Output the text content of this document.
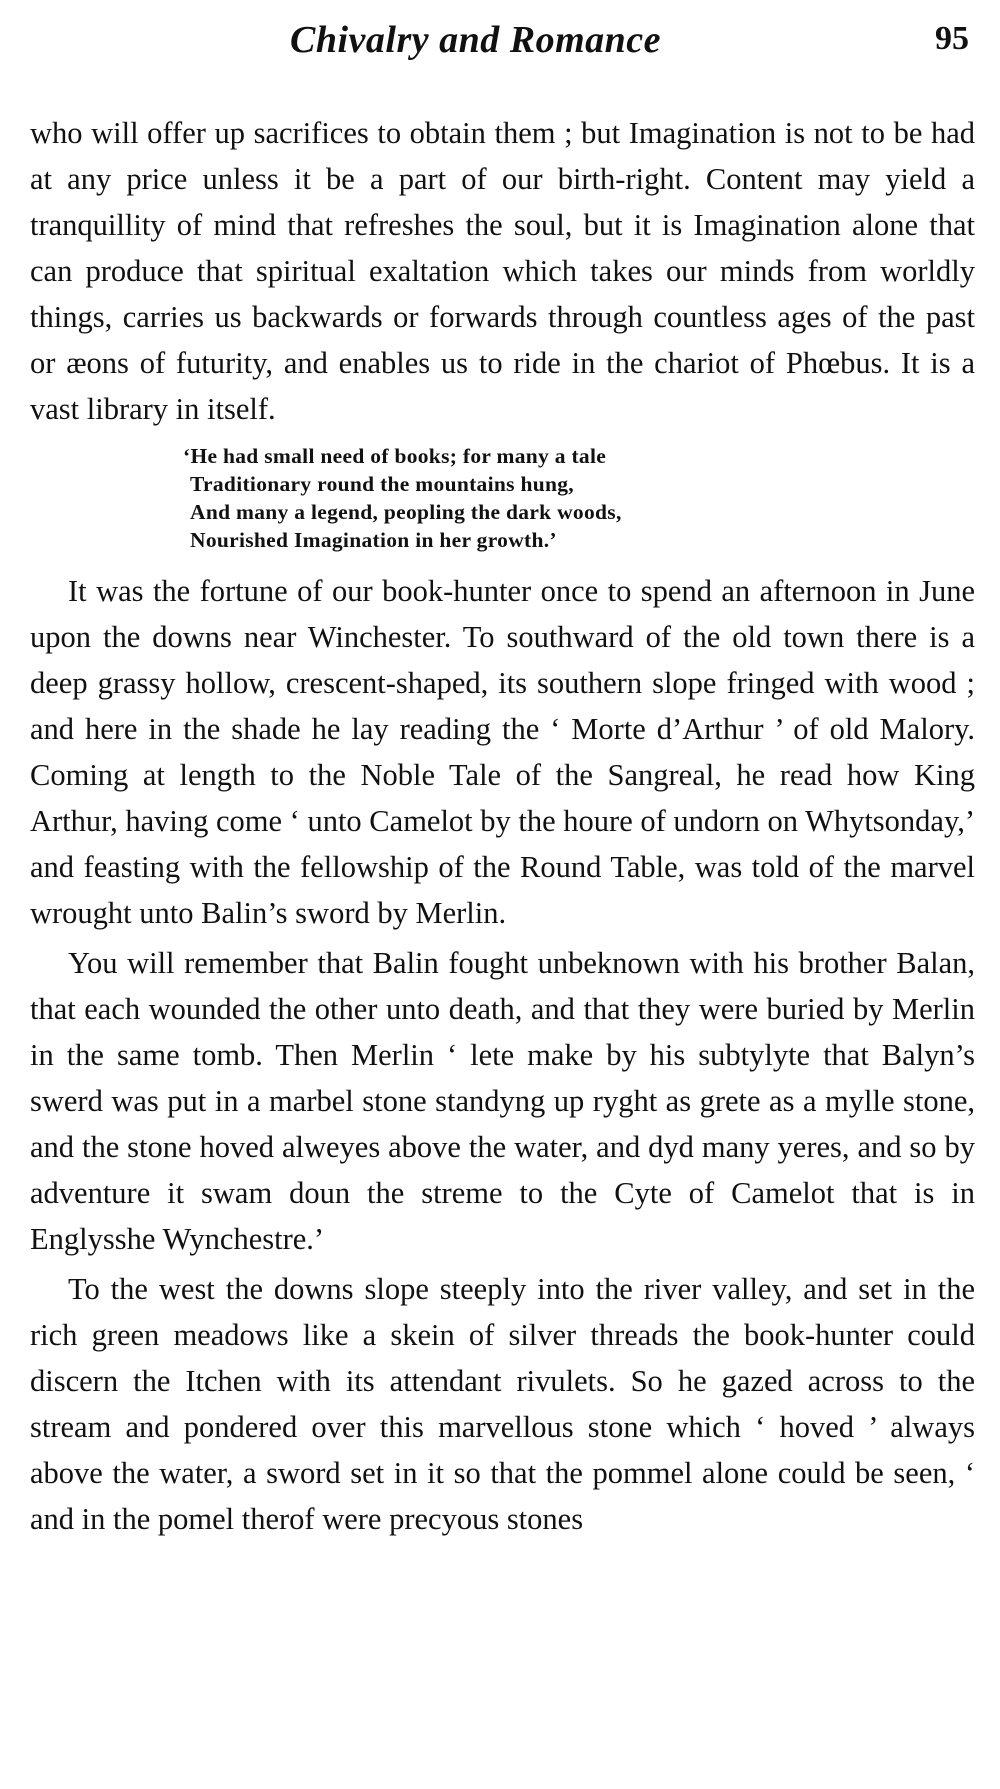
Chivalry and Romance	95

who will offer up sacrifices to obtain them ; but Imagination is not to be had at any price unless it be a part of our birth-right. Content may yield a tranquillity of mind that refreshes the soul, but it is Imagination alone that can produce that spiritual exaltation which takes our minds from worldly things, carries us backwards or forwards through countless ages of the past or æons of futurity, and enables us to ride in the chariot of Phœbus. It is a vast library in itself.

‘He had small need of books; for many a tale
Traditionary round the mountains hung,
And many a legend, peopling the dark woods,
Nourished Imagination in her growth.’

It was the fortune of our book-hunter once to spend an afternoon in June upon the downs near Winchester. To southward of the old town there is a deep grassy hollow, crescent-shaped, its southern slope fringed with wood ; and here in the shade he lay reading the ‘ Morte d’Arthur ’ of old Malory. Coming at length to the Noble Tale of the Sangreal, he read how King Arthur, having come ‘ unto Camelot by the houre of undorn on Whytsonday,’ and feasting with the fellowship of the Round Table, was told of the marvel wrought unto Balin’s sword by Merlin.

You will remember that Balin fought unbeknown with his brother Balan, that each wounded the other unto death, and that they were buried by Merlin in the same tomb. Then Merlin ‘ lete make by his subtylyte that Balyn’s swerd was put in a marbel stone standyng up ryght as grete as a mylle stone, and the stone hoved alweyes above the water, and dyd many yeres, and so by adventure it swam doun the streme to the Cyte of Camelot that is in Englysshe Wynchestre.’

To the west the downs slope steeply into the river valley, and set in the rich green meadows like a skein of silver threads the book-hunter could discern the Itchen with its attendant rivulets. So he gazed across to the stream and pondered over this marvellous stone which ‘ hoved ’ always above the water, a sword set in it so that the pommel alone could be seen, ‘ and in the pomel therof were precyous stones
